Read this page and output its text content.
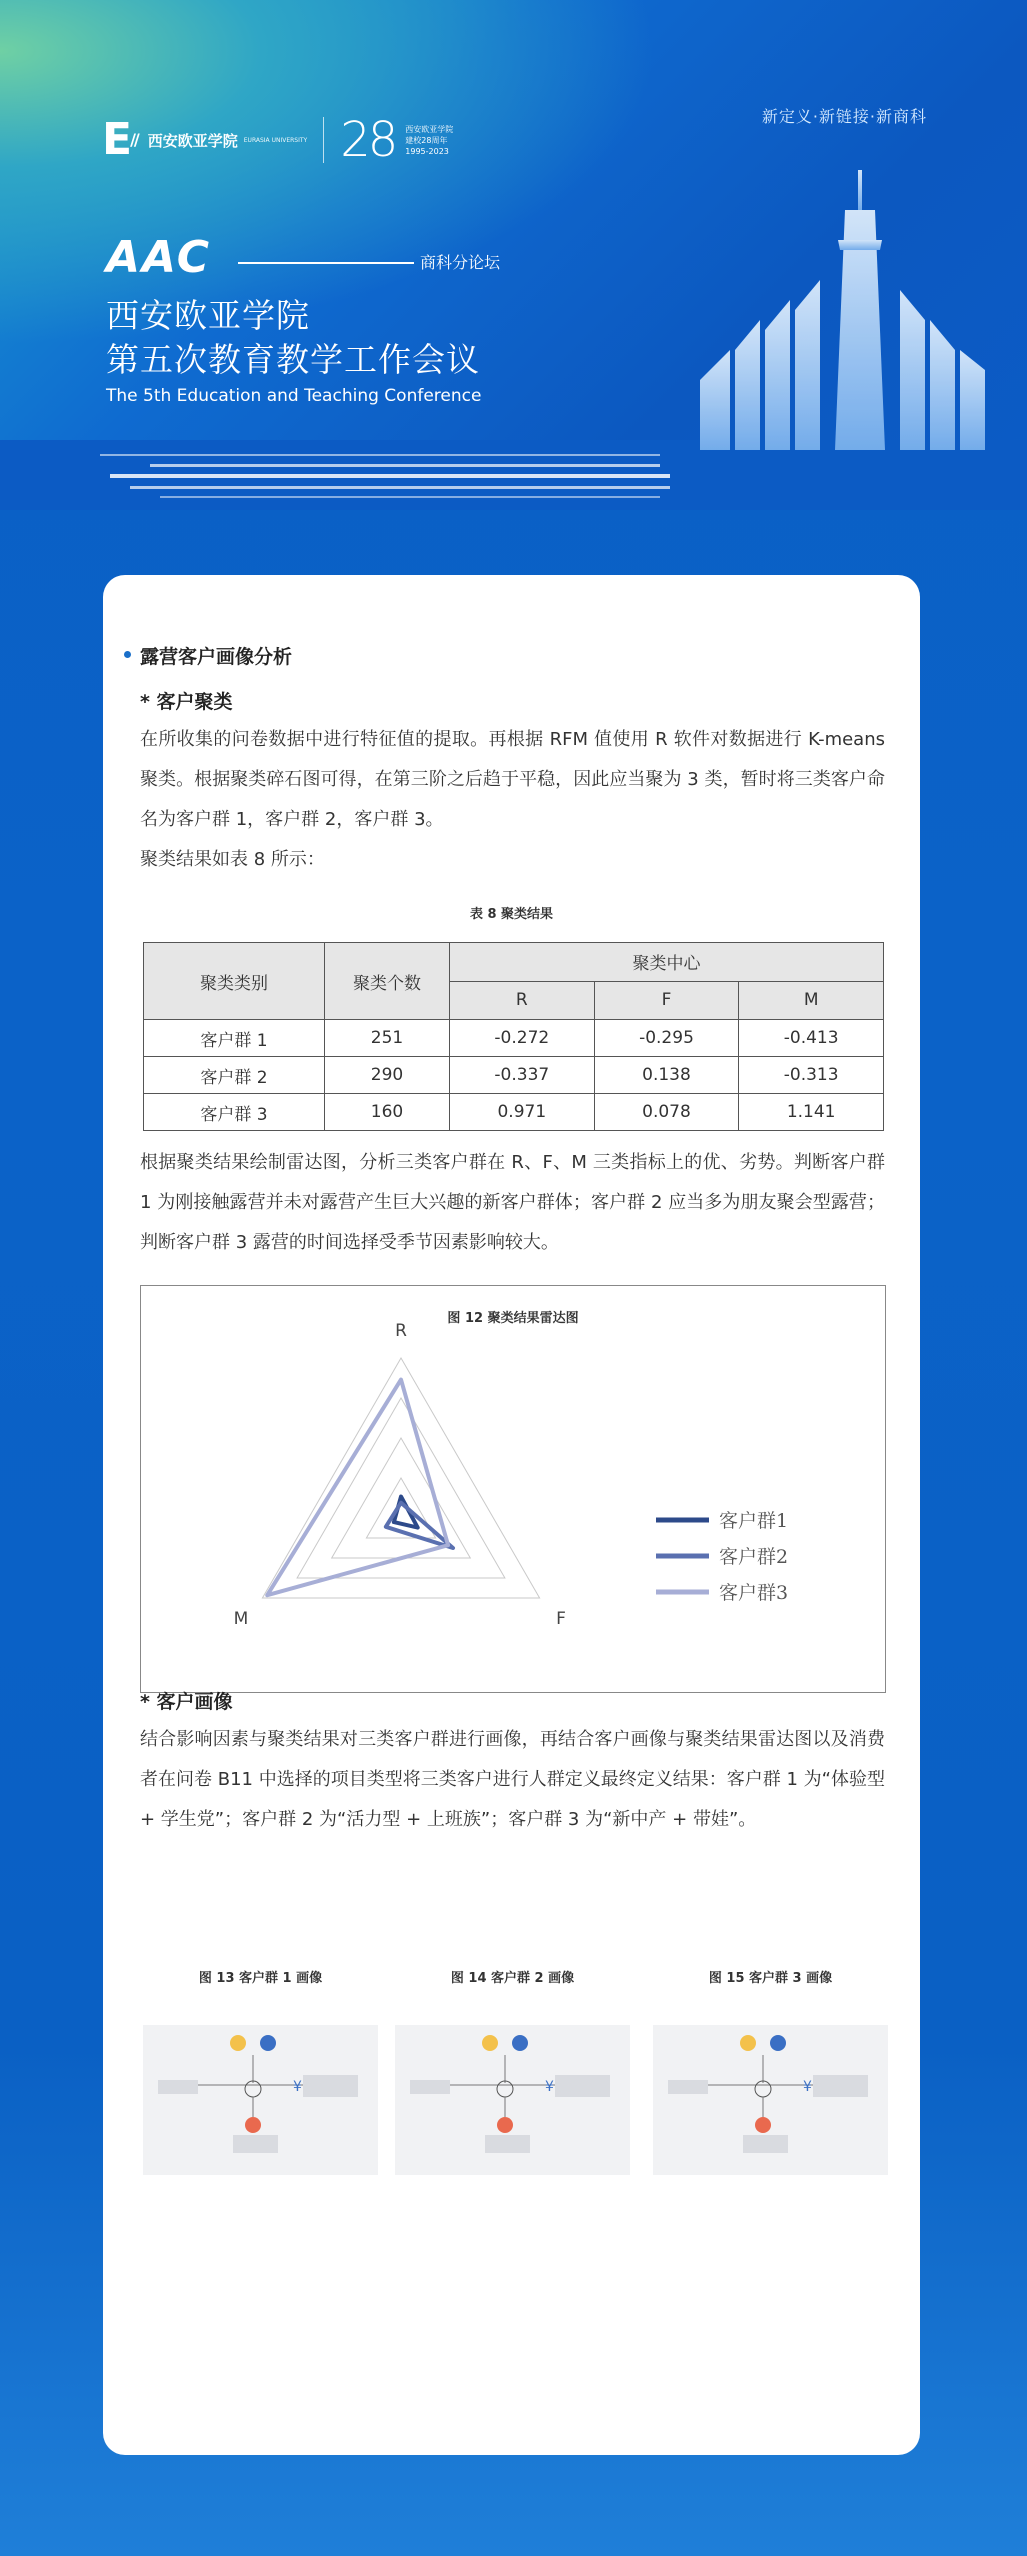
E// 西安欧亚学院 EURASIA UNIVERSITY 28 西安欧亚学院
建校28周年
1995-2023
新定义·新链接·新商科
AAC	商科分论坛
西安欧亚学院
第五次教育教学工作会议
The 5th Education and Teaching Conference
露营客户画像分析
* 客户聚类
在所收集的问卷数据中进行特征值的提取。再根据 RFM 值使用 R 软件对数据进行 K-means 聚类。根据聚类碎石图可得，在第三阶之后趋于平稳，因此应当聚为 3 类，暂时将三类客户命名为客户群 1，客户群 2，客户群 3。
聚类结果如表 8 所示：
表 8 聚类结果
聚类类别	聚类个数	聚类中心		
		R	F	M
客户群 1	251	-0.272	-0.295	-0.413
客户群 2	290	-0.337	0.138	-0.313
客户群 3	160	0.971	0.078	1.141
根据聚类结果绘制雷达图，分析三类客户群在 R、F、M 三类指标上的优、劣势。判断客户群 1 为刚接触露营并未对露营产生巨大兴趣的新客户群体；客户群 2 应当多为朋友聚会型露营；判断客户群 3 露营的时间选择受季节因素影响较大。
图 12 聚类结果雷达图
R
F
M
客户群1
客户群2
客户群3
* 客户画像
结合影响因素与聚类结果对三类客户群进行画像，再结合客户画像与聚类结果雷达图以及消费者在问卷 B11 中选择的项目类型将三类客户进行人群定义最终定义结果：客户群 1 为“体验型 + 学生党”；客户群 2 为“活力型 + 上班族”；客户群 3 为“新中产 + 带娃”。
图 13 客户群 1 画像	图 14 客户群 2 画像	图 15 客户群 3 画像
¥	¥	¥
